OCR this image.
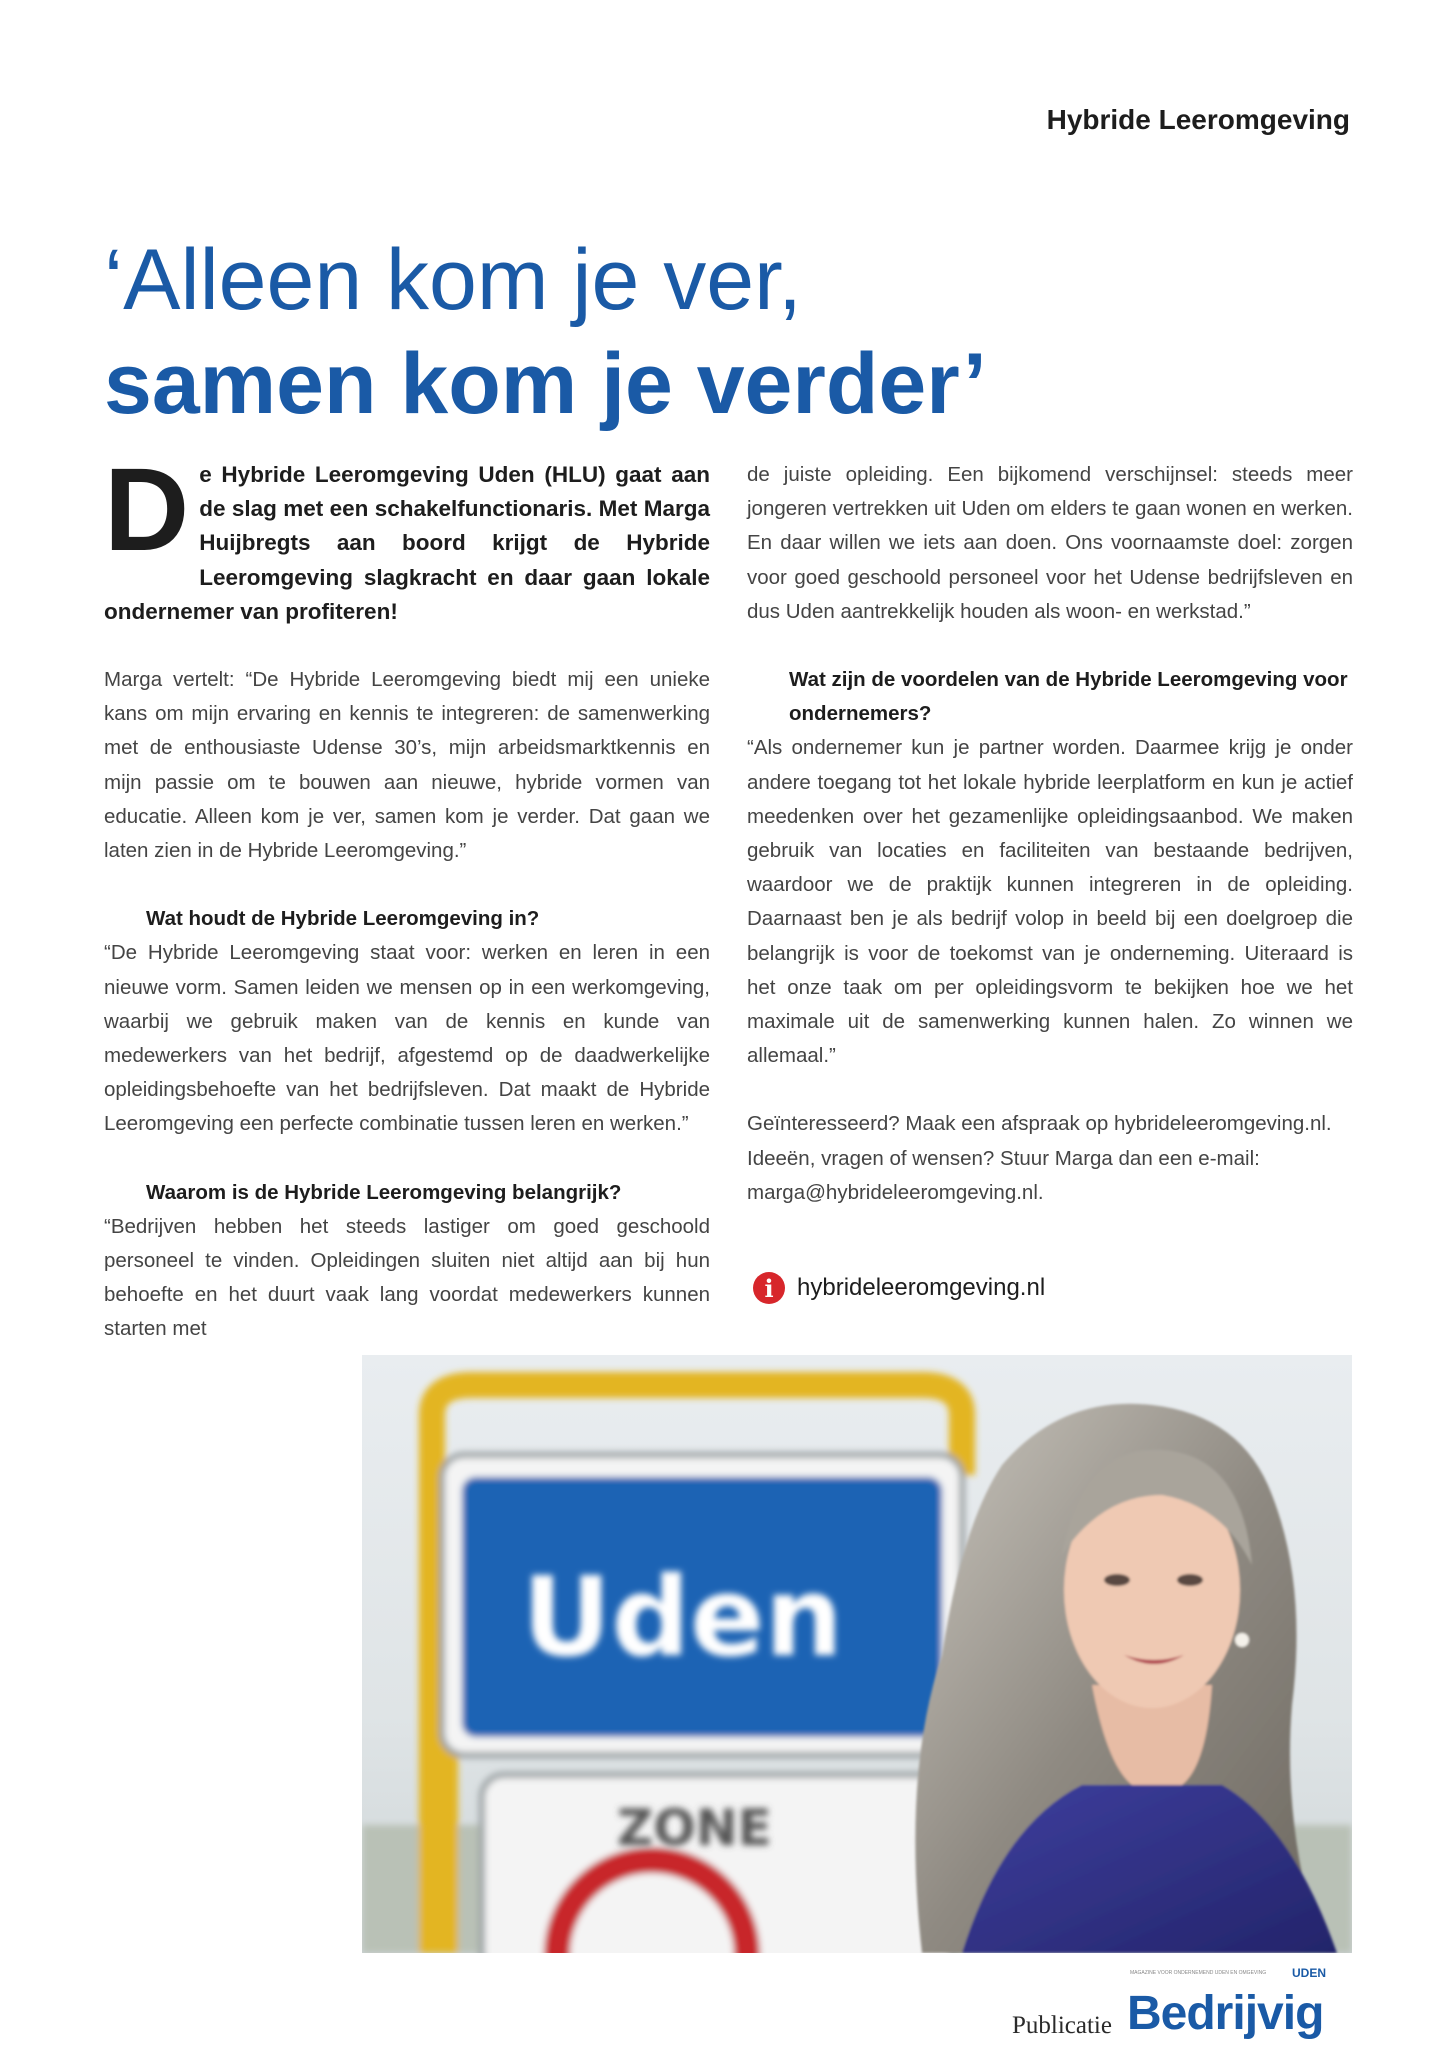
Hybride Leeromgeving
‘Alleen kom je ver,
samen kom je verder’

D e Hybride Leeromgeving Uden (HLU) gaat aan de slag met een schakelfunctionaris. Met Marga Huijbregts aan boord krijgt de Hybride Leeromgeving slagkracht en daar gaan lokale ondernemer van profiteren!

Marga vertelt: “De Hybride Leeromgeving biedt mij een unieke kans om mijn ervaring en kennis te integreren: de samenwerking met de enthousiaste Udense 30’s, mijn arbeidsmarktkennis en mijn passie om te bouwen aan nieuwe, hybride vormen van educatie. Alleen kom je ver, samen kom je verder. Dat gaan we laten zien in de Hybride Leeromgeving.”

Wat houdt de Hybride Leeromgeving in?

“De Hybride Leeromgeving staat voor: werken en leren in een nieuwe vorm. Samen leiden we mensen op in een werkomgeving, waarbij we gebruik maken van de kennis en kunde van medewerkers van het bedrijf, afgestemd op de daadwerkelijke opleidingsbehoefte van het bedrijfsleven. Dat maakt de Hybride Leeromgeving een perfecte combinatie tussen leren en werken.”

Waarom is de Hybride Leeromgeving belangrijk?

“Bedrijven hebben het steeds lastiger om goed geschoold personeel te vinden. Opleidingen sluiten niet altijd aan bij hun behoefte en het duurt vaak lang voordat medewerkers kunnen starten met

de juiste opleiding. Een bijkomend verschijnsel: steeds meer jongeren vertrekken uit Uden om elders te gaan wonen en werken. En daar willen we iets aan doen. Ons voornaamste doel: zorgen voor goed geschoold personeel voor het Udense bedrijfsleven en dus Uden aantrekkelijk houden als woon- en werkstad.”

Wat zijn de voordelen van de Hybride Leeromgeving voor ondernemers?

“Als ondernemer kun je partner worden. Daarmee krijg je onder andere toegang tot het lokale hybride leerplatform en kun je actief meedenken over het gezamenlijke opleidingsaanbod. We maken gebruik van locaties en faciliteiten van bestaande bedrijven, waardoor we de praktijk kunnen integreren in de opleiding. Daarnaast ben je als bedrijf volop in beeld bij een doelgroep die belangrijk is voor de toekomst van je onderneming. Uiteraard is het onze taak om per opleidingsvorm te bekijken hoe we het maximale uit de samenwerking kunnen halen. Zo winnen we allemaal.”

Geïnteresseerd? Maak een afspraak op hybrideleeromgeving.nl. Ideeën, vragen of wensen? Stuur Marga dan een e-mail: marga@hybrideleeromgeving.nl.

i hybrideleeromgeving.nl
Uden
ZONE
MAGAZINE VOOR ONDERNEMEND UDEN EN OMGEVING UDEN
Publicatie Bedrijvig
